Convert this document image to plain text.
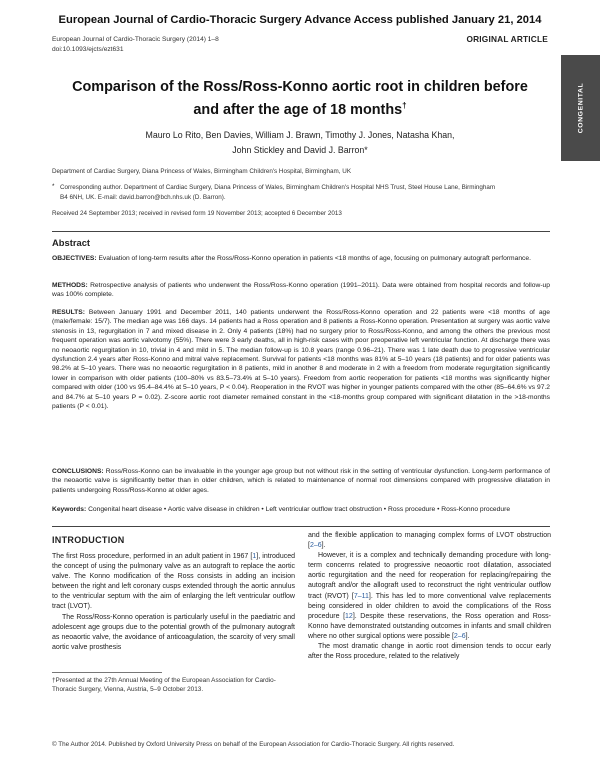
European Journal of Cardio-Thoracic Surgery Advance Access published January 21, 2014
European Journal of Cardio-Thoracic Surgery (2014) 1–8
doi:10.1093/ejcts/ezt631
ORIGINAL ARTICLE
CONGENITAL
Comparison of the Ross/Ross-Konno aortic root in children before and after the age of 18 months†
Mauro Lo Rito, Ben Davies, William J. Brawn, Timothy J. Jones, Natasha Khan,
John Stickley and David J. Barron*
Department of Cardiac Surgery, Diana Princess of Wales, Birmingham Children's Hospital, Birmingham, UK
* Corresponding author. Department of Cardiac Surgery, Diana Princess of Wales, Birmingham Children's Hospital NHS Trust, Steel House Lane, Birmingham B4 6NH, UK. E-mail: david.barron@bch.nhs.uk (D. Barron).
Received 24 September 2013; received in revised form 19 November 2013; accepted 6 December 2013
Abstract
OBJECTIVES: Evaluation of long-term results after the Ross/Ross-Konno operation in patients <18 months of age, focusing on pulmonary autograft performance.
METHODS: Retrospective analysis of patients who underwent the Ross/Ross-Konno operation (1991–2011). Data were obtained from hospital records and follow-up was 100% complete.
RESULTS: Between January 1991 and December 2011, 140 patients underwent the Ross/Ross-Konno operation and 22 patients were <18 months of age (male/female: 15/7). The median age was 166 days. 14 patients had a Ross operation and 8 patients a Ross-Konno operation. Presentation at surgery was aortic valve stenosis in 13, regurgitation in 7 and mixed disease in 2. Only 4 patients (18%) had no surgery prior to Ross/Ross-Konno, and among the others the previous most frequent operation was aortic valvotomy (55%). There were 3 early deaths, all in high-risk cases with poor preoperative left ventricular function. At discharge there was no neoaortic regurgitation in 10, trivial in 4 and mild in 5. The median follow-up is 10.8 years (range 0.96–21). There was 1 late death due to progressive ventricular dysfunction 2.4 years after Ross-Konno and mitral valve replacement. Survival for patients <18 months was 81% at 5–10 years (18 patients) and for older patients was 98.2% at 5–10 years. There was no neoaortic regurgitation in 8 patients, mild in another 8 and moderate in 2 with a freedom from moderate regurgitation significantly lower in comparison with older patients (100–80% vs 83.5–73.4% at 5–10 years). Freedom from aortic reoperation for patients <18 months was significantly higher compared with older (100 vs 95.4–84.4% at 5–10 years, P < 0.04). Reoperation in the RVOT was higher in younger patients compared with the other (85–64.6% vs 97.2 and 84.7% at 5–10 years P = 0.02). Z-score aortic root diameter remained constant in the <18-months group compared with significant dilatation in the >18-months patients (P < 0.01).
CONCLUSIONS: Ross/Ross-Konno can be invaluable in the younger age group but not without risk in the setting of ventricular dysfunction. Long-term performance of the neoaortic valve is significantly better than in older children, which is related to maintenance of normal root dimensions compared with progressive dilatation in patients undergoing Ross/Ross-Konno at older ages.
Keywords: Congenital heart disease • Aortic valve disease in children • Left ventricular outflow tract obstruction • Ross procedure • Ross-Konno procedure
INTRODUCTION

The first Ross procedure, performed in an adult patient in 1967 [1], introduced the concept of using the pulmonary valve as an autograft to replace the aortic valve. The Konno modification of the Ross consists in adding an incision between the right and left coronary cusps extended through the aortic annulus to the ventricular septum with the aim of enlarging the left ventricular outflow tract (LVOT).

The Ross/Ross-Konno operation is particularly useful in the paediatric and adolescent age groups due to the potential growth of the pulmonary autograft as neoaortic valve, the avoidance of anticoagulation, the scarcity of very small aortic valve prosthesis

and the flexible application to managing complex forms of LVOT obstruction [2–6].

However, it is a complex and technically demanding procedure with long-term concerns related to progressive neoaortic root dilatation, associated aortic regurgitation and the need for reoperation for replacing/repairing the autograft and/or the allograft used to reconstruct the right ventricular outflow tract (RVOT) [7–11]. This has led to more conventional valve replacements being considered in older children to avoid the complications of the Ross procedure [12]. Despite these reservations, the Ross operation and Ross-Konno have demonstrated outstanding outcomes in infants and small children where no other surgical options were possible [2–6].

The most dramatic change in aortic root dimension tends to occur early after the Ross procedure, related to the relatively

†Presented at the 27th Annual Meeting of the European Association for Cardio-Thoracic Surgery, Vienna, Austria, 5–9 October 2013.
© The Author 2014. Published by Oxford University Press on behalf of the European Association for Cardio-Thoracic Surgery. All rights reserved.
